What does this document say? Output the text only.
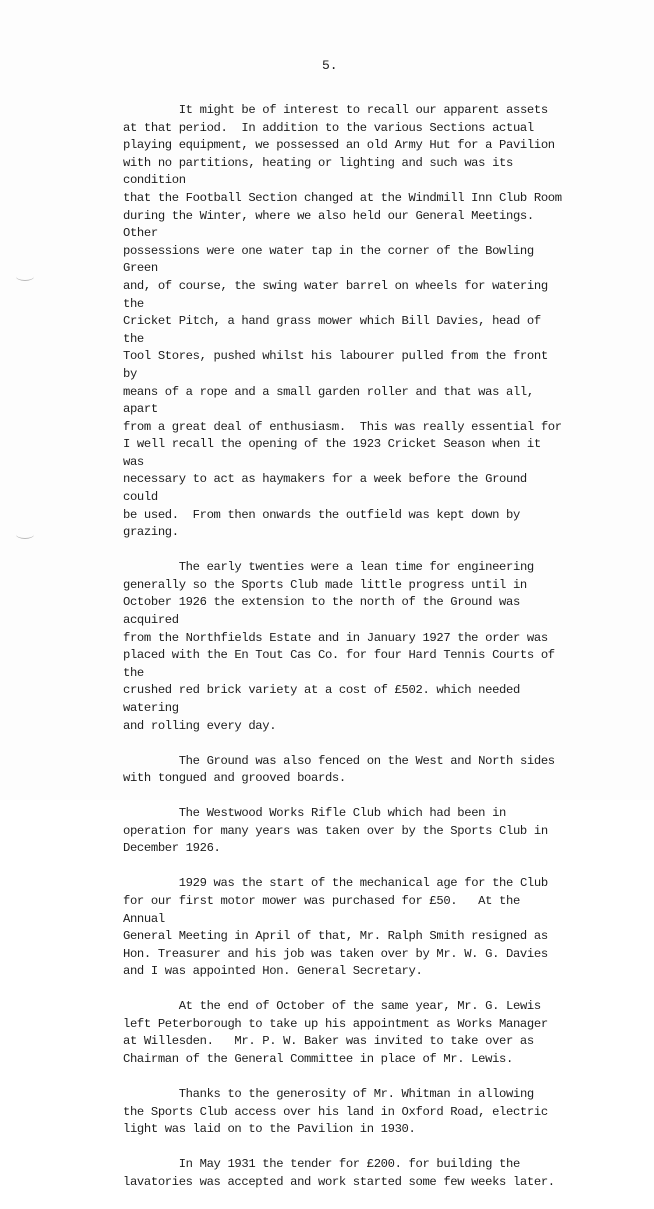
5.

It might be of interest to recall our apparent assets
at that period.  In addition to the various Sections actual
playing equipment, we possessed an old Army Hut for a Pavilion
with no partitions, heating or lighting and such was its condition
that the Football Section changed at the Windmill Inn Club Room
during the Winter, where we also held our General Meetings.  Other
possessions were one water tap in the corner of the Bowling Green
and, of course, the swing water barrel on wheels for watering the
Cricket Pitch, a hand grass mower which Bill Davies, head of the
Tool Stores, pushed whilst his labourer pulled from the front by
means of a rope and a small garden roller and that was all, apart
from a great deal of enthusiasm.  This was really essential for
I well recall the opening of the 1923 Cricket Season when it was
necessary to act as haymakers for a week before the Ground could
be used.  From then onwards the outfield was kept down by grazing.

The early twenties were a lean time for engineering
generally so the Sports Club made little progress until in
October 1926 the extension to the north of the Ground was acquired
from the Northfields Estate and in January 1927 the order was
placed with the En Tout Cas Co. for four Hard Tennis Courts of the
crushed red brick variety at a cost of £502. which needed watering
and rolling every day.

The Ground was also fenced on the West and North sides
with tongued and grooved boards.

The Westwood Works Rifle Club which had been in
operation for many years was taken over by the Sports Club in
December 1926.

1929 was the start of the mechanical age for the Club
for our first motor mower was purchased for £50.   At the Annual
General Meeting in April of that, Mr. Ralph Smith resigned as
Hon. Treasurer and his job was taken over by Mr. W. G. Davies
and I was appointed Hon. General Secretary.

At the end of October of the same year, Mr. G. Lewis
left Peterborough to take up his appointment as Works Manager
at Willesden.   Mr. P. W. Baker was invited to take over as
Chairman of the General Committee in place of Mr. Lewis.

Thanks to the generosity of Mr. Whitman in allowing
the Sports Club access over his land in Oxford Road, electric
light was laid on to the Pavilion in 1930.

In May 1931 the tender for £200. for building the
lavatories was accepted and work started some few weeks later.
